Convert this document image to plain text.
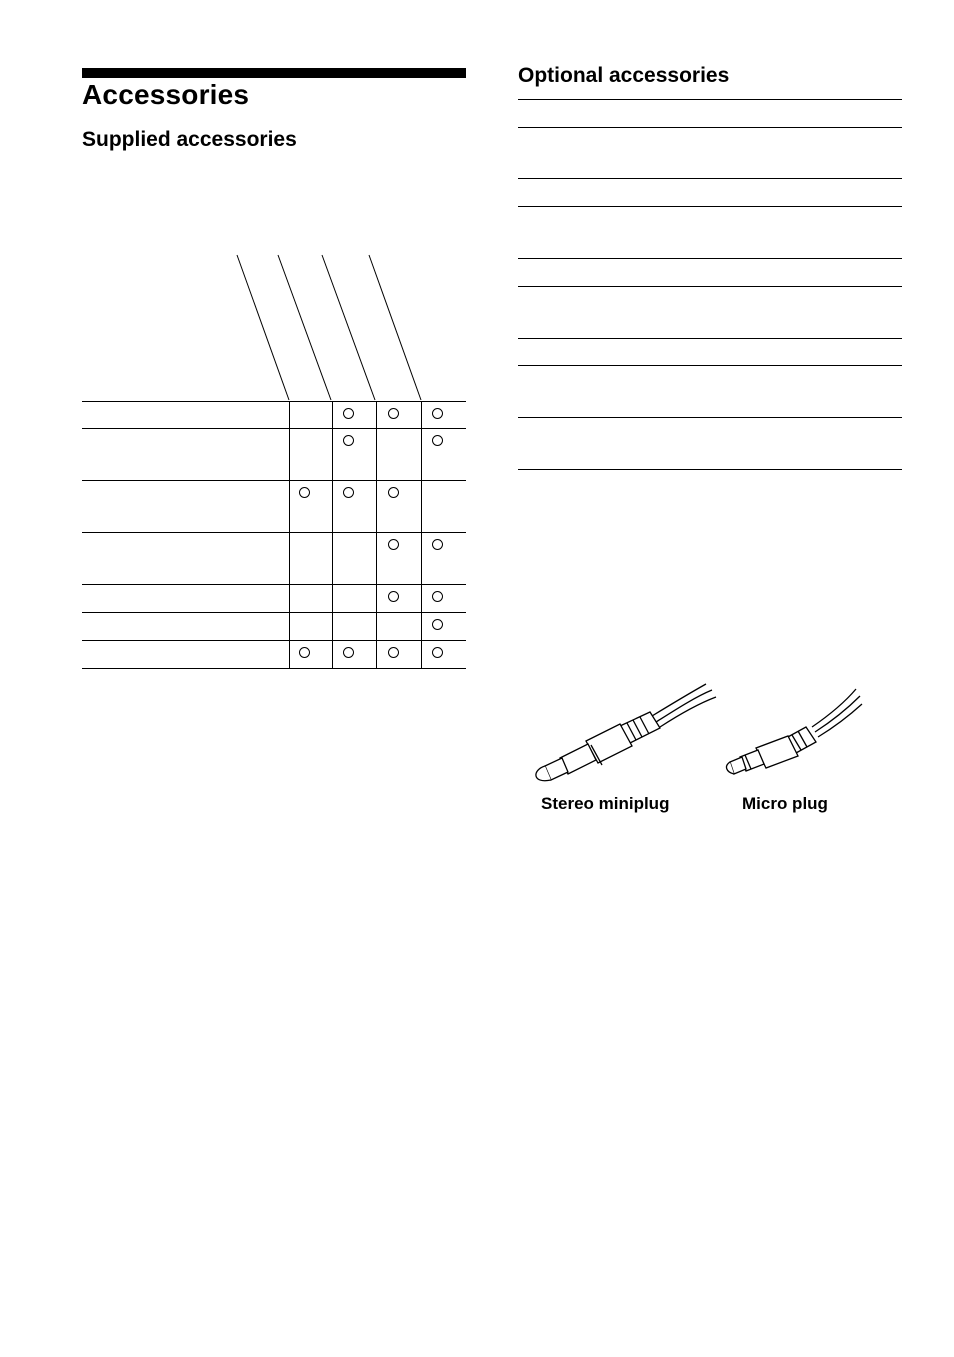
Accessories
Supplied accessories
Optional accessories
Stereo miniplug	Micro plug
